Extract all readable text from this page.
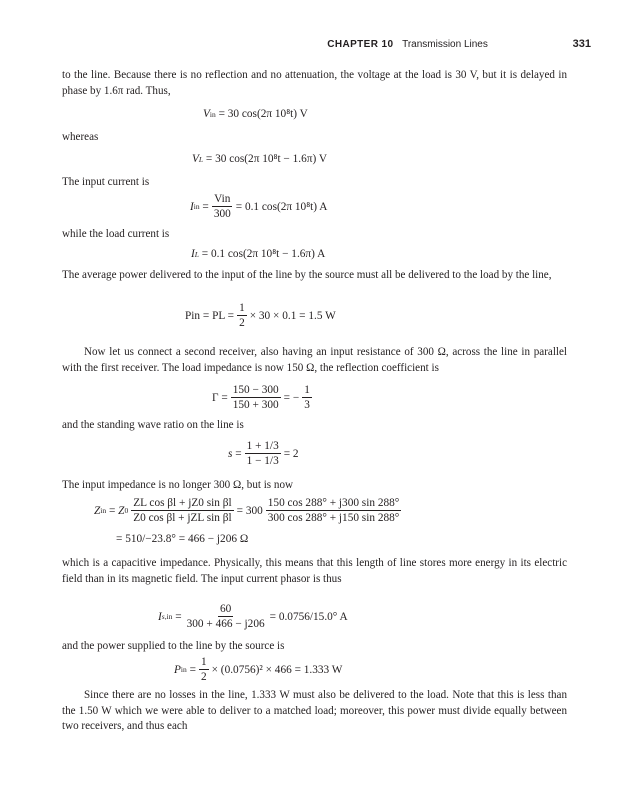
CHAPTER 10 Transmission Lines	331
to the line. Because there is no reflection and no attenuation, the voltage at the load is 30 V, but it is delayed in phase by 1.6π rad. Thus,
V in
= 30 cos(2π 10⁸t) V
whereas
V L
= 30 cos(2π 10⁸t − 1.6π) V
The input current is
I in = $\frac{\text{Vin}}{300} = 0.1$ cos(2π 10⁸t) A
while the load current is
I L
= 0.1 cos(2π 10⁸t − 1.6π) A
The average power delivered to the input of the line by the source must all be delivered to the load by the line,
Pin = PL = $\frac{1}{2} \times 30 \times 0.1 = 1.5$ W
Now let us connect a second receiver, also having an input resistance of 300 Ω, across the line in parallel with the first receiver. The load impedance is now 150 Ω, the reflection coefficient is
$\Gamma = \frac{150 - 300}{150 + 300}$ = − $\frac{1}{3}$
and the standing wave ratio on the line is
$s = \frac{1 + 1/3}{1 - 1/3} = 2$
The input impedance is no longer 300 Ω, but is now
Z in = Z $0 \frac{\text{ZL cos βl + jZ0 sin βl}}{\text{Z0 cos βl + jZL sin βl}} = 300 \frac{150 \cos 288^\circ + j300 \sin 288^\circ}{300 \cos 288^\circ + j150 \sin 288^\circ}$
= 510/−23.8° = 466 − j206 Ω
which is a capacitive impedance. Physically, this means that this length of line stores more energy in its electric field than in its magnetic field. The input current phasor is thus
I $s,in = \frac{60}{300 + 466 - j206} = 0.0756/15.0^\circ$ A
and the power supplied to the line by the source is
P in = $\frac{1}{2} \times (0.0756)^2 \times 466 = 1.333$ W
Since there are no losses in the line, 1.333 W must also be delivered to the load. Note that this is less than the 1.50 W which we were able to deliver to a matched load; moreover, this power must divide equally between two receivers, and thus each
